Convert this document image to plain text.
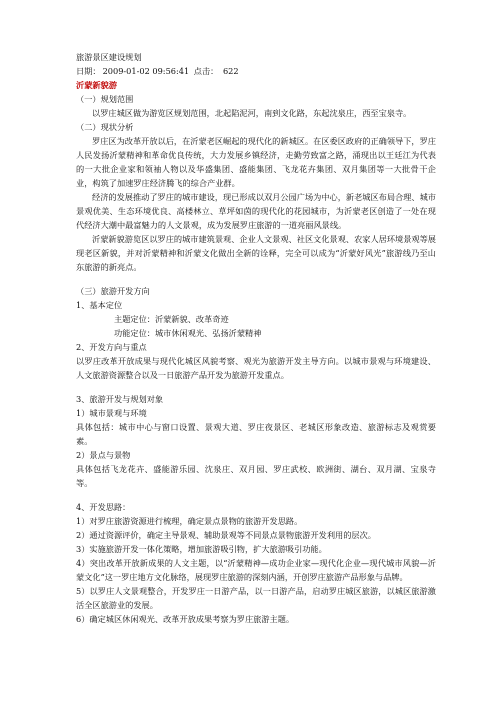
旅游景区建设规划
日期： 2009-01-02 09:56:41 点击： 622
沂蒙新貌游
（一）规划范围
以罗庄城区做为游览区规划范围，北起陷泥河，南到文化路，东起沈泉庄，西至宝泉寺。
（二）现状分析
罗庄区为改革开放以后，在沂蒙老区崛起的现代化的新城区。在区委区政府的正确领导下，罗庄人民发扬沂蒙精神和革命优良传统，大力发展乡镇经济，走勤劳致富之路，涌现出以王廷江为代表的一大批企业家和领袖人物以及华盛集团、盛能集团、飞龙花卉集团、双月集团等一大批骨干企业，构筑了加速罗庄经济腾飞的综合产业群。
经济的发展推动了罗庄的城市建设，现已形成以双月公园广场为中心，新老城区布局合理、城市景观优美、生态环境优良、高楼林立、草坪如茵的现代化的花园城市，为沂蒙老区创造了一处在现代经济大潮中最富魅力的人文景观，成为发展罗庄旅游的一道亮丽风景线。
沂蒙新貌游览区以罗庄的城市建筑景观、企业人文景观、社区文化景观、农家人居环境景观等展现老区新貌，并对沂蒙精神和沂蒙文化做出全新的诠释，完全可以成为“沂蒙好风光”旅游线乃至山东旅游的新亮点。
（三）旅游开发方向
1、基本定位
主题定位：沂蒙新貌、改革奇迹
功能定位：城市休闲观光、弘扬沂蒙精神
2、开发方向与重点
以罗庄改革开放成果与现代化城区风貌考察、观光为旅游开发主导方向。以城市景观与环境建设、人文旅游资源整合以及一日旅游产品开发为旅游开发重点。
3、旅游开发与规划对象
1）城市景观与环境
具体包括：城市中心与窗口设置、景观大道、罗庄夜景区、老城区形象改造、旅游标志及观赏要素。
2）景点与景物
具体包括飞龙花卉、盛能游乐园、沈泉庄、双月园、罗庄武校、欧洲街、湖台、双月湖、宝泉寺等。
4、开发思路：
1）对罗庄旅游资源进行梳理，确定景点景物的旅游开发思路。
2）通过资源评价，确定主导景观、辅助景观等不同景点景物旅游开发利用的层次。
3）实施旅游开发一体化策略，增加旅游吸引物，扩大旅游吸引功能。
4）突出改革开放新成果的人文主题，以“沂蒙精神—成功企业家—现代化企业—现代城市风貌—沂蒙文化”这一罗庄地方文化脉络，展现罗庄旅游的深刻内涵，开创罗庄旅游产品形象与品牌。
5）以罗庄人文景观整合，开发罗庄一日游产品，以一日游产品，启动罗庄城区旅游，以城区旅游激活全区旅游业的发展。
6）确定城区休闲观光、改革开放成果考察为罗庄旅游主题。
